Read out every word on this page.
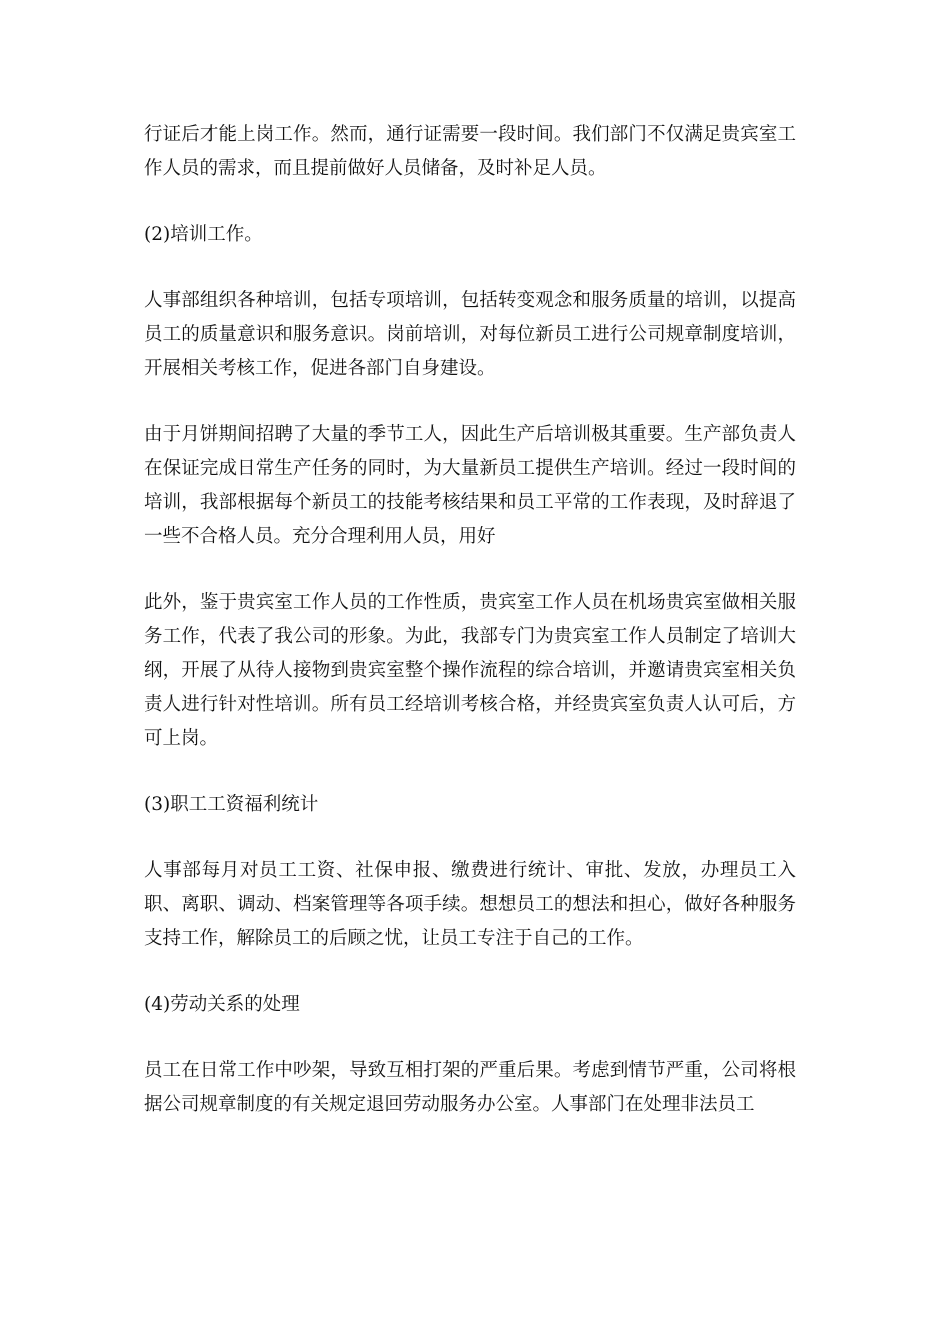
行证后才能上岗工作。然而，通行证需要一段时间。我们部门不仅满足贵宾室工作人员的需求，而且提前做好人员储备，及时补足人员。

(2)培训工作。

人事部组织各种培训，包括专项培训，包括转变观念和服务质量的培训，以提高员工的质量意识和服务意识。岗前培训，对每位新员工进行公司规章制度培训，开展相关考核工作，促进各部门自身建设。

由于月饼期间招聘了大量的季节工人，因此生产后培训极其重要。生产部负责人在保证完成日常生产任务的同时，为大量新员工提供生产培训。经过一段时间的培训，我部根据每个新员工的技能考核结果和员工平常的工作表现，及时辞退了一些不合格人员。充分合理利用人员，用好

此外，鉴于贵宾室工作人员的工作性质，贵宾室工作人员在机场贵宾室做相关服务工作，代表了我公司的形象。为此，我部专门为贵宾室工作人员制定了培训大纲，开展了从待人接物到贵宾室整个操作流程的综合培训，并邀请贵宾室相关负责人进行针对性培训。所有员工经培训考核合格，并经贵宾室负责人认可后，方可上岗。

(3)职工工资福利统计

人事部每月对员工工资、社保申报、缴费进行统计、审批、发放，办理员工入职、离职、调动、档案管理等各项手续。想想员工的想法和担心，做好各种服务支持工作，解除员工的后顾之忧，让员工专注于自己的工作。

(4)劳动关系的处理

员工在日常工作中吵架，导致互相打架的严重后果。考虑到情节严重，公司将根据公司规章制度的有关规定退回劳动服务办公室。人事部门在处理非法员工
